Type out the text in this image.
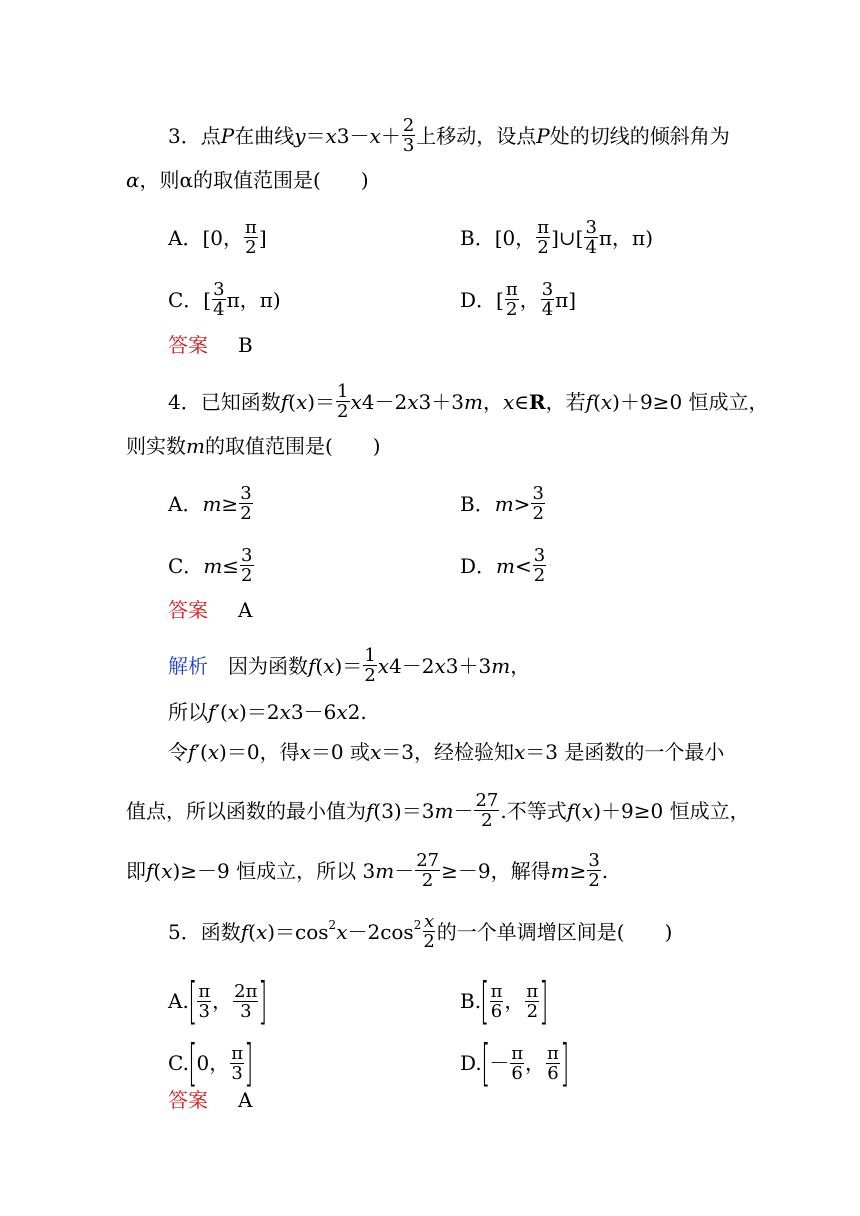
3．点 P 在曲线 y ＝ x $3- x + \frac{2}{3}$ 上移动，设点 P 处的切线的倾斜角为
α ，则α的取值范围是(　　)
A．[0， $\frac{\pi}{2}$ ]	B．[0， $\frac{\pi}{2}$ ]∪[ $\frac{3}{4}$ π，π)
C．[ $\frac{3}{4}$ π，π)	D．[ $\frac{\pi}{2}$ ， $\frac{3}{4} \pi$]
答案 B
4．已知函数 f ( x )＝ $\frac{1}{2}$ x 4－2 x 3＋3 m ， x ∈ R ，若 f ( x )＋9≥0 恒成立，
则实数 m 的取值范围是(　　)
A． $m \ge \frac{3}{2}$	B． $m > \frac{3}{2}$
C． $m \le \frac{3}{2}$	D． $m < \frac{3}{2}$
答案 A
解析 因为函数 f ( x )＝ $\frac{1}{2}$ x 4－2 x 3＋3 m ，
所以 f′ ( x )＝2 x 3－6 x 2.
令 f′ ( x )＝0，得 x ＝0 或 x ＝3，经检验知 x ＝3 是函数的一个最小
值点，所以函数的最小值为 f (3)＝3 $m - \frac{27}{2}$ .不等式 f ( x )＋9≥0 恒成立，
即 f ( x )≥－9 恒成立，所以 3 $m - \frac{27}{2} \ge-9$，解得 $m \ge \frac{3}{2}$ .
5．函数 f ( x )＝cos 2 x －2cos $2 \frac{x}{2}$ 的一个单调增区间是(　　)
A. [ $\frac{\pi}{3}$ ， $\frac{2\pi}{3}$ ]	B. [ $\frac{\pi}{6}$ ， $\frac{\pi}{2}$ ]
C. [ 0 ， $\frac{\pi}{3}$ ]	D. [ － $\frac{\pi}{6}$ ， $\frac{\pi}{6}$ ]
答案 A
